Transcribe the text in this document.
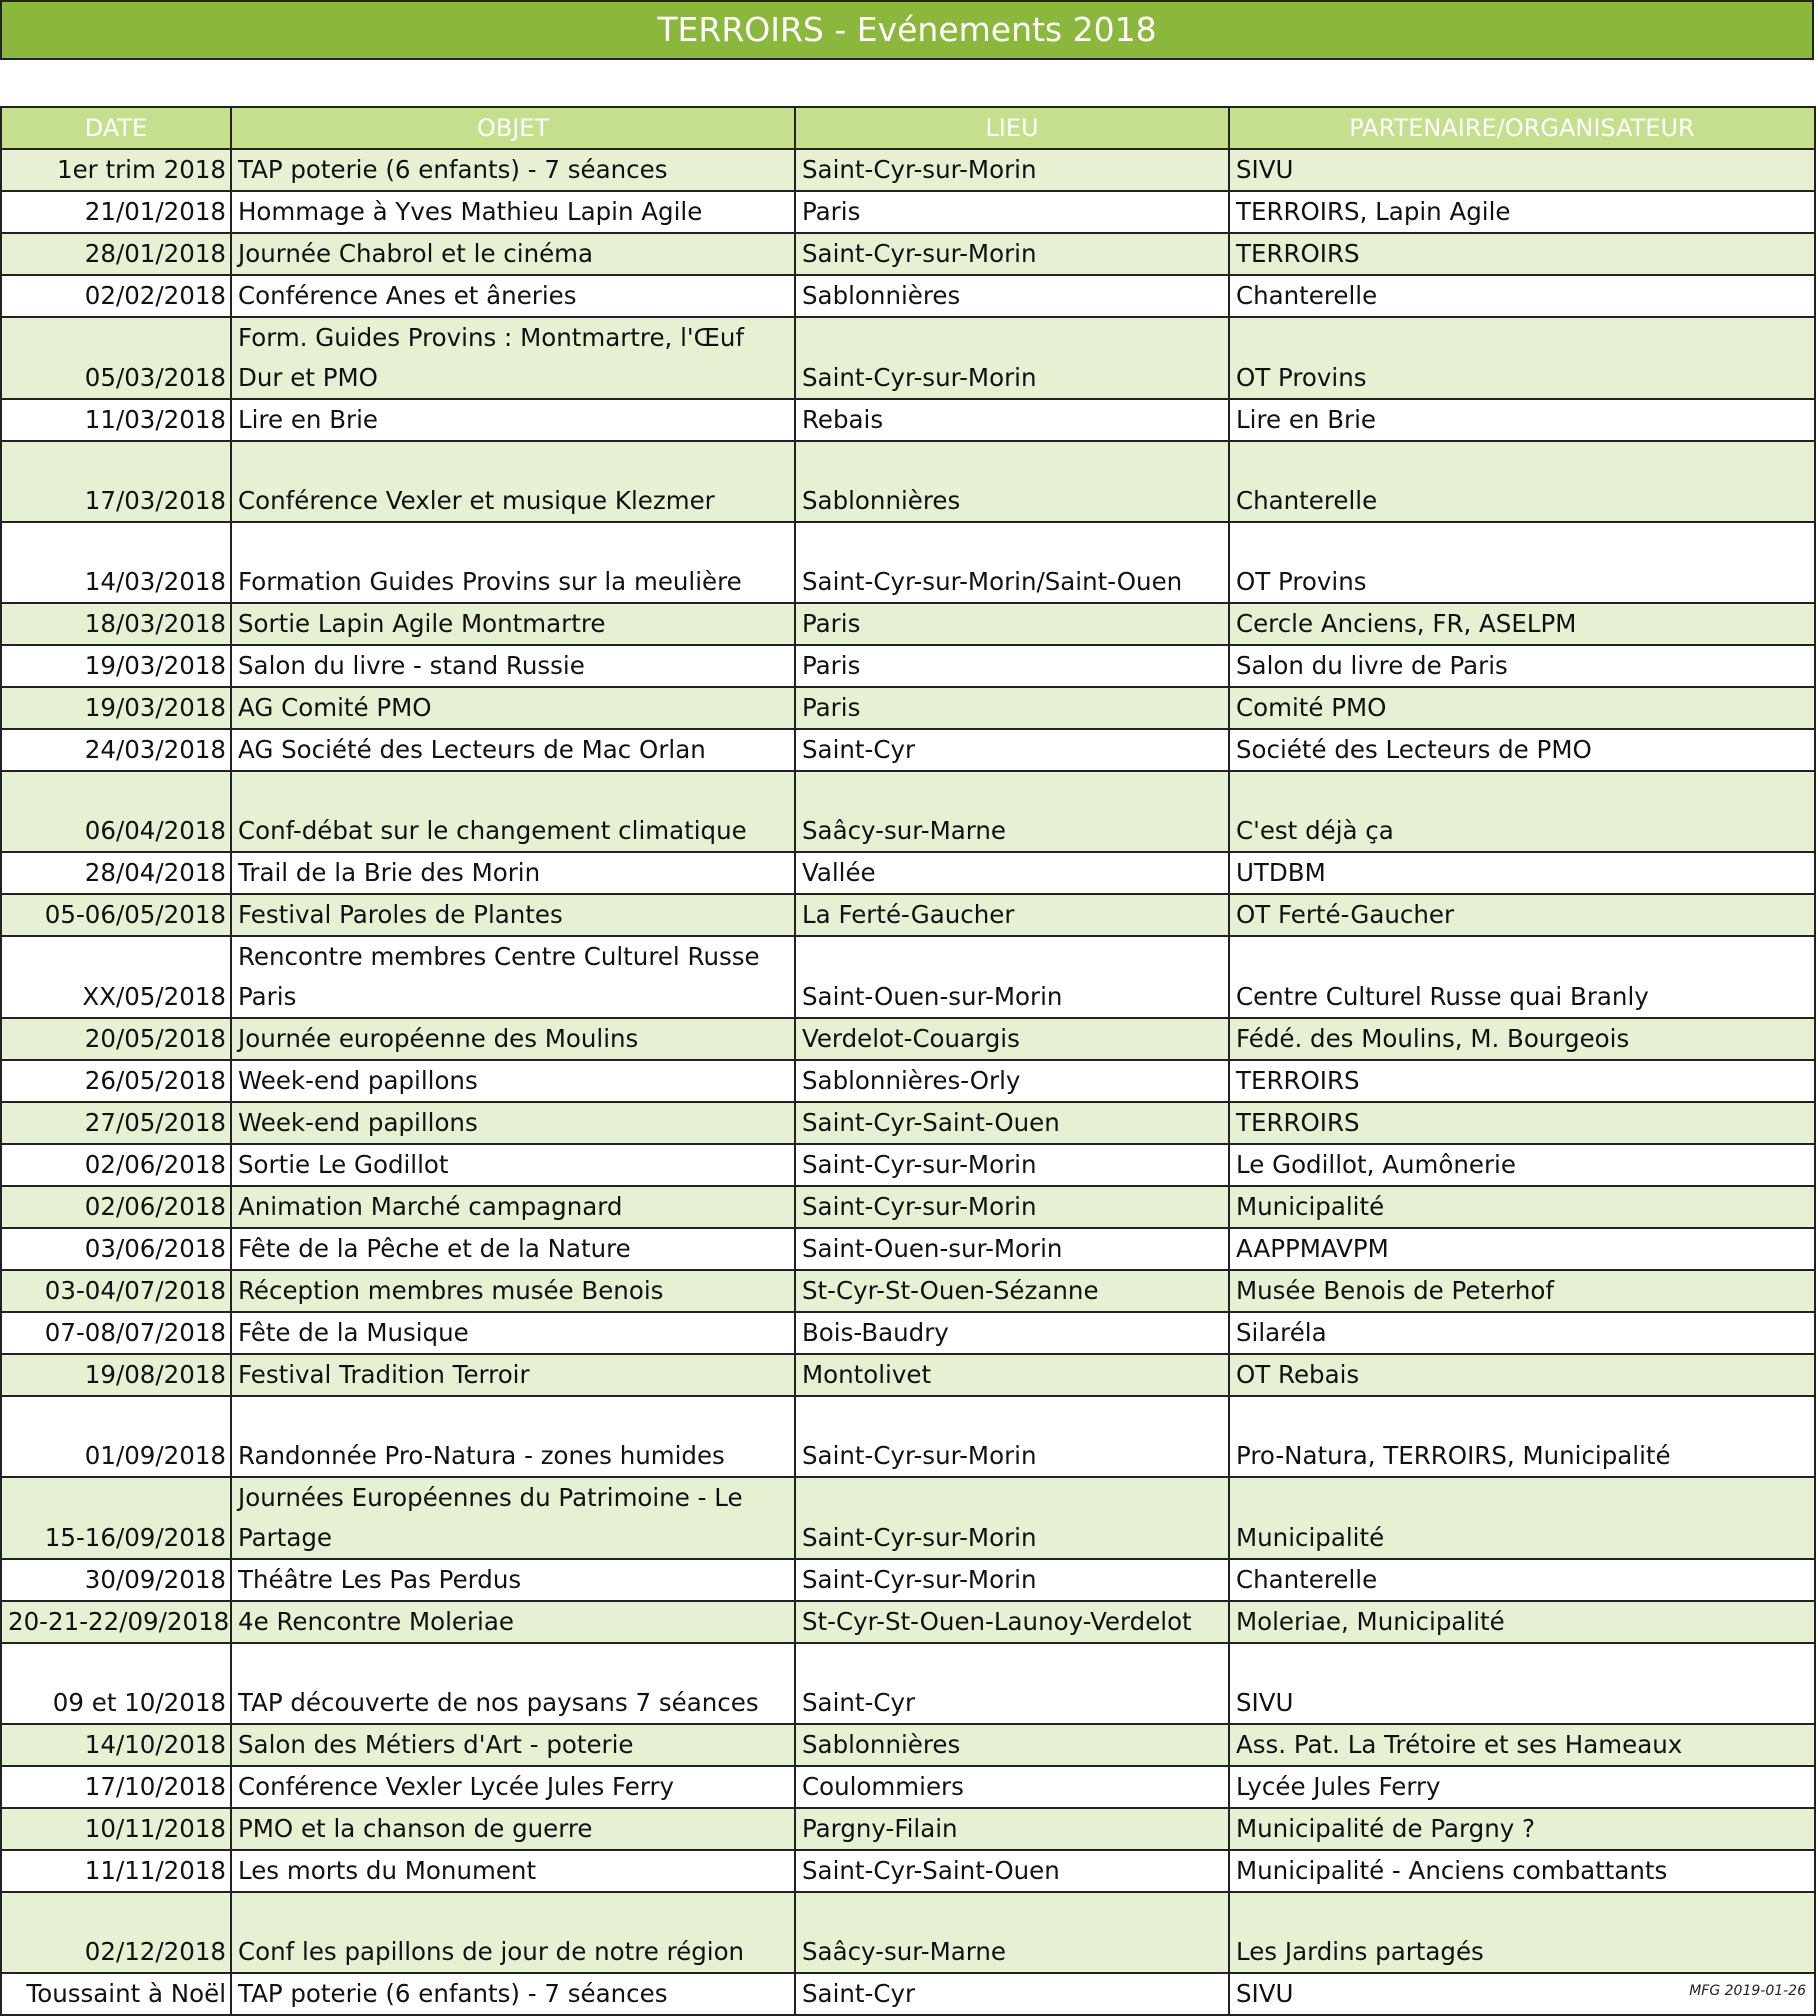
TERROIRS - Evénements 2018
DATE	OBJET	LIEU	PARTENAIRE/ORGANISATEUR
1er trim 2018	TAP poterie (6 enfants) - 7 séances	Saint-Cyr-sur-Morin	SIVU
21/01/2018	Hommage à Yves Mathieu Lapin Agile	Paris	TERROIRS, Lapin Agile
28/01/2018	Journée Chabrol et le cinéma	Saint-Cyr-sur-Morin	TERROIRS
02/02/2018	Conférence Anes et âneries	Sablonnières	Chanterelle
05/03/2018	Form. Guides Provins : Montmartre, l'Œuf Dur et PMO	Saint-Cyr-sur-Morin	OT Provins
11/03/2018	Lire en Brie	Rebais	Lire en Brie
17/03/2018	Conférence Vexler et musique Klezmer	Sablonnières	Chanterelle
14/03/2018	Formation Guides Provins sur la meulière	Saint-Cyr-sur-Morin/Saint-Ouen	OT Provins
18/03/2018	Sortie Lapin Agile Montmartre	Paris	Cercle Anciens, FR, ASELPM
19/03/2018	Salon du livre - stand Russie	Paris	Salon du livre de Paris
19/03/2018	AG Comité PMO	Paris	Comité PMO
24/03/2018	AG Société des Lecteurs de Mac Orlan	Saint-Cyr	Société des Lecteurs de PMO
06/04/2018	Conf-débat sur le changement climatique	Saâcy-sur-Marne	C'est déjà ça
28/04/2018	Trail de la Brie des Morin	Vallée	UTDBM
05-06/05/2018	Festival Paroles de Plantes	La Ferté-Gaucher	OT Ferté-Gaucher
XX/05/2018	Rencontre membres Centre Culturel Russe Paris	Saint-Ouen-sur-Morin	Centre Culturel Russe quai Branly
20/05/2018	Journée européenne des Moulins	Verdelot-Couargis	Fédé. des Moulins, M. Bourgeois
26/05/2018	Week-end papillons	Sablonnières-Orly	TERROIRS
27/05/2018	Week-end papillons	Saint-Cyr-Saint-Ouen	TERROIRS
02/06/2018	Sortie Le Godillot	Saint-Cyr-sur-Morin	Le Godillot, Aumônerie
02/06/2018	Animation Marché campagnard	Saint-Cyr-sur-Morin	Municipalité
03/06/2018	Fête de la Pêche et de la Nature	Saint-Ouen-sur-Morin	AAPPMAVPM
03-04/07/2018	Réception membres musée Benois	St-Cyr-St-Ouen-Sézanne	Musée Benois de Peterhof
07-08/07/2018	Fête de la Musique	Bois-Baudry	Silaréla
19/08/2018	Festival Tradition Terroir	Montolivet	OT Rebais
01/09/2018	Randonnée Pro-Natura - zones humides	Saint-Cyr-sur-Morin	Pro-Natura, TERROIRS, Municipalité
15-16/09/2018	Journées Européennes du Patrimoine - Le Partage	Saint-Cyr-sur-Morin	Municipalité
30/09/2018	Théâtre Les Pas Perdus	Saint-Cyr-sur-Morin	Chanterelle
20-21-22/09/2018	4e Rencontre Moleriae	St-Cyr-St-Ouen-Launoy-Verdelot	Moleriae, Municipalité
09 et 10/2018	TAP découverte de nos paysans 7 séances	Saint-Cyr	SIVU
14/10/2018	Salon des Métiers d'Art - poterie	Sablonnières	Ass. Pat. La Trétoire et ses Hameaux
17/10/2018	Conférence Vexler Lycée Jules Ferry	Coulommiers	Lycée Jules Ferry
10/11/2018	PMO et la chanson de guerre	Pargny-Filain	Municipalité de Pargny ?
11/11/2018	Les morts du Monument	Saint-Cyr-Saint-Ouen	Municipalité - Anciens combattants
02/12/2018	Conf les papillons de jour de notre région	Saâcy-sur-Marne	Les Jardins partagés
Toussaint à Noël	TAP poterie (6 enfants) - 7 séances	Saint-Cyr	SIVU	MFG 2019-01-26
